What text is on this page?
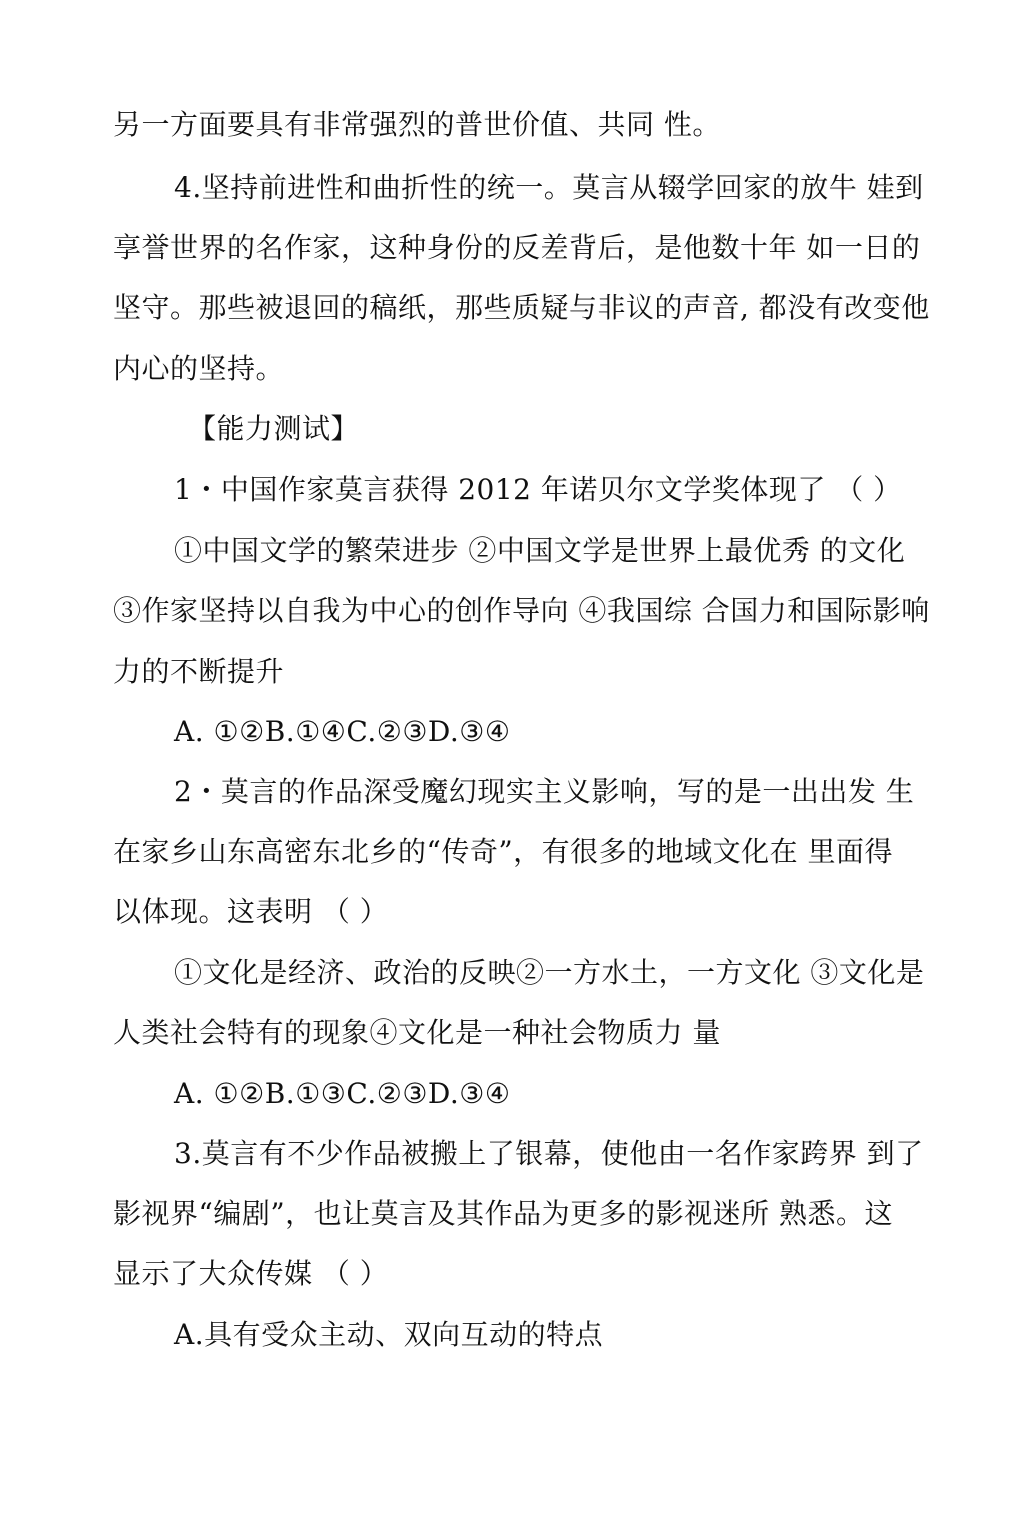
另一方面要具有非常强烈的普世价值、共同 性。
4.坚持前进性和曲折性的统一。莫言从辍学回家的放牛 娃到
享誉世界的名作家，这种身份的反差背后，是他数十年 如一日的
坚守。那些被退回的稿纸，那些质疑与非议的声音, 都没有改变他
内心的坚持。
【能力测试】
1・中国作家莫言获得 2012 年诺贝尔文学奖体现了 （ ）
①中国文学的繁荣进步 ②中国文学是世界上最优秀 的文化
③作家坚持以自我为中心的创作导向 ④我国综 合国力和国际影响
力的不断提升
A. ①②B.①④C.②③D.③④
2・莫言的作品深受魔幻现实主义影响，写的是一出出发 生
在家乡山东高密东北乡的“传奇”，有很多的地域文化在 里面得
以体现。这表明 （ ）
①文化是经济、政治的反映②一方水土，一方文化 ③文化是
人类社会特有的现象④文化是一种社会物质力 量
A. ①②B.①③C.②③D.③④
3.莫言有不少作品被搬上了银幕，使他由一名作家跨界 到了
影视界“编剧”，也让莫言及其作品为更多的影视迷所 熟悉。这
显示了大众传媒 （ ）
A.具有受众主动、双向互动的特点
